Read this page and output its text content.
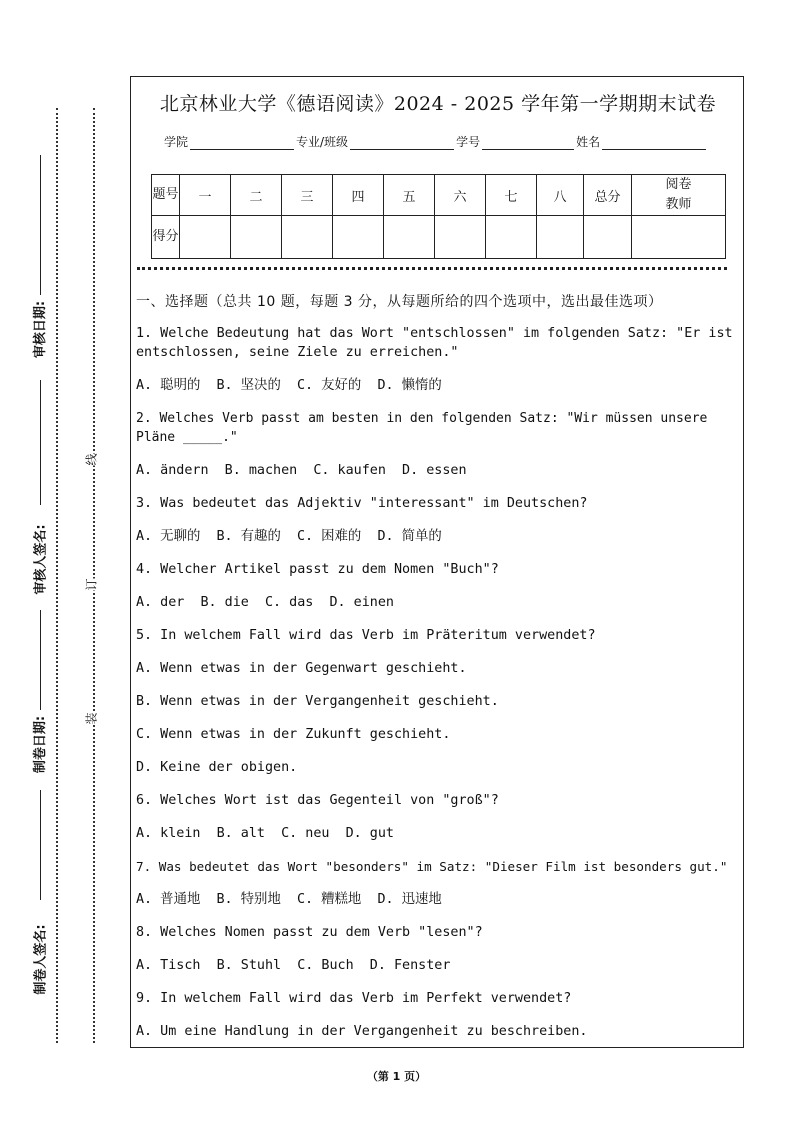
审核日期:
审核人签名:
制卷日期:
制卷人签名:
线
订
装
北京林业大学《德语阅读》2024 - 2025 学年第一学期期末试卷
学院	专业/班级	学号	姓名
题号	一	二	三	四	五	六	七	八	总分	阅卷教师
得分										
一、选择题（总共 10 题，每题 3 分，从每题所给的四个选项中，选出最佳选项）
1. Welche Bedeutung hat das Wort "entschlossen" im folgenden Satz: "Er ist entschlossen, seine Ziele zu erreichen."
A. 聪明的  B. 坚决的  C. 友好的  D. 懒惰的
2. Welches Verb passt am besten in den folgenden Satz: "Wir müssen unsere Pläne _____."
A. ändern  B. machen  C. kaufen  D. essen
3. Was bedeutet das Adjektiv "interessant" im Deutschen?
A. 无聊的  B. 有趣的  C. 困难的  D. 简单的
4. Welcher Artikel passt zu dem Nomen "Buch"?
A. der  B. die  C. das  D. einen
5. In welchem Fall wird das Verb im Präteritum verwendet?
A. Wenn etwas in der Gegenwart geschieht.
B. Wenn etwas in der Vergangenheit geschieht.
C. Wenn etwas in der Zukunft geschieht.
D. Keine der obigen.
6. Welches Wort ist das Gegenteil von "groß"?
A. klein  B. alt  C. neu  D. gut
7. Was bedeutet das Wort "besonders" im Satz: "Dieser Film ist besonders gut."
A. 普通地  B. 特别地  C. 糟糕地  D. 迅速地
8. Welches Nomen passt zu dem Verb "lesen"?
A. Tisch  B. Stuhl  C. Buch  D. Fenster
9. In welchem Fall wird das Verb im Perfekt verwendet?
A. Um eine Handlung in der Vergangenheit zu beschreiben.
（第 1 页）
